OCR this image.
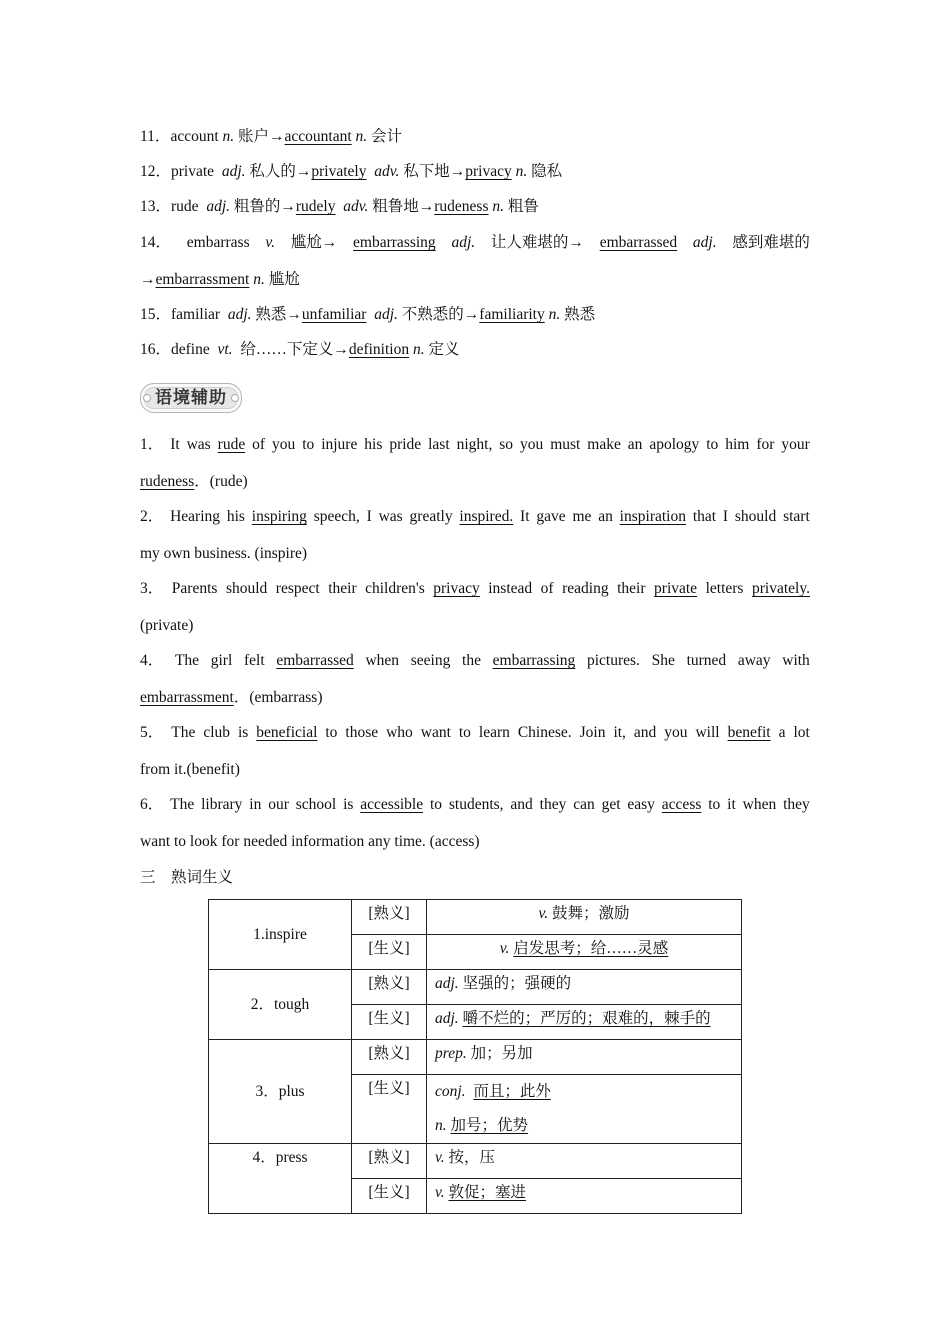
11．account n. 账户→accountant n. 会计
12．private  adj. 私人的→privately adv. 私下地→privacy n. 隐私
13．rude  adj. 粗鲁的→rudely adv. 粗鲁地→rudeness n. 粗鲁
14． embarrass v. 尴尬→ embarrassing adj. 让人难堪的→ embarrassed adj. 感到难堪的
→embarrassment n. 尴尬
15．familiar  adj. 熟悉→unfamiliar adj. 不熟悉的→familiarity n. 熟悉
16．define  vt.  给……下定义→definition n. 定义
语境辅助
1． It was rude of you to injure his pride last night, so you must make an apology to him for your
rudeness．(rude)
2． Hearing his inspiring speech, I was greatly inspired. It gave me an inspiration that I should start
my own business. (inspire)
3． Parents should respect their children's privacy instead of reading their private letters privately.
(private)
4． The girl felt embarrassed when seeing the embarrassing pictures. She turned away with
embarrassment．(embarrass)
5． The club is beneficial to those who want to learn Chinese. Join it, and you will benefit a lot
from it.(benefit)
6． The library in our school is accessible to students, and they can get easy access to it when they
want to look for needed information any time. (access)
三　熟词生义
1.inspire	[熟义]	v. 鼓舞；激励
	[生义]	v. 启发思考；给……灵感
2．tough	[熟义]	adj. 坚强的；强硬的
	[生义]	adj. 嚼不烂的；严厉的；艰难的，棘手的
3．plus	[熟义]	prep. 加；另加
	[生义]	conj. 而且；此外
n. 加号；优势

4．press	[熟义]	v. 按，压
	[生义]	v. 敦促；塞进
